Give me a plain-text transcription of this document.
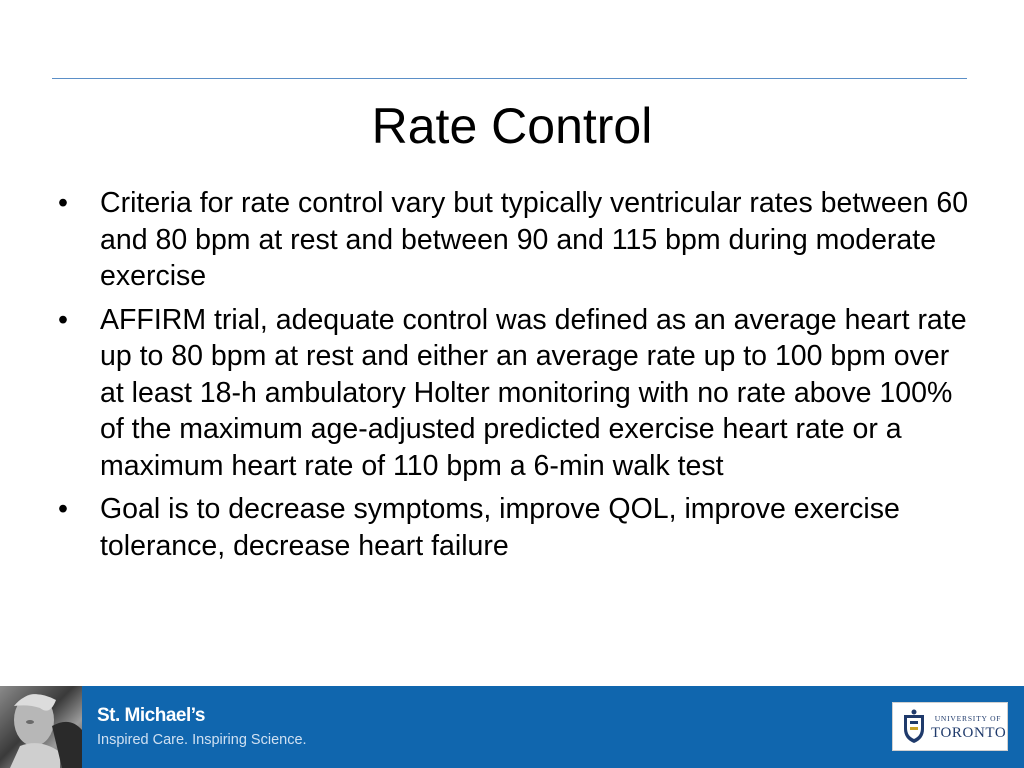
Rate Control
• Criteria for rate control vary but typically ventricular rates between 60 and 80 bpm at rest and between 90 and 115 bpm during moderate exercise
• AFFIRM trial, adequate control was defined as an average heart rate up to 80 bpm at rest and either an average rate up to 100 bpm over at least 18-h ambulatory Holter monitoring with no rate above 100% of the maximum age-adjusted predicted exercise heart rate or a maximum heart rate of 110 bpm a 6-min walk test
• Goal is to decrease symptoms, improve QOL, improve exercise tolerance, decrease heart failure
St. Michael’s
Inspired Care. Inspiring Science.
UNIVERSITY OF
TORONTO
